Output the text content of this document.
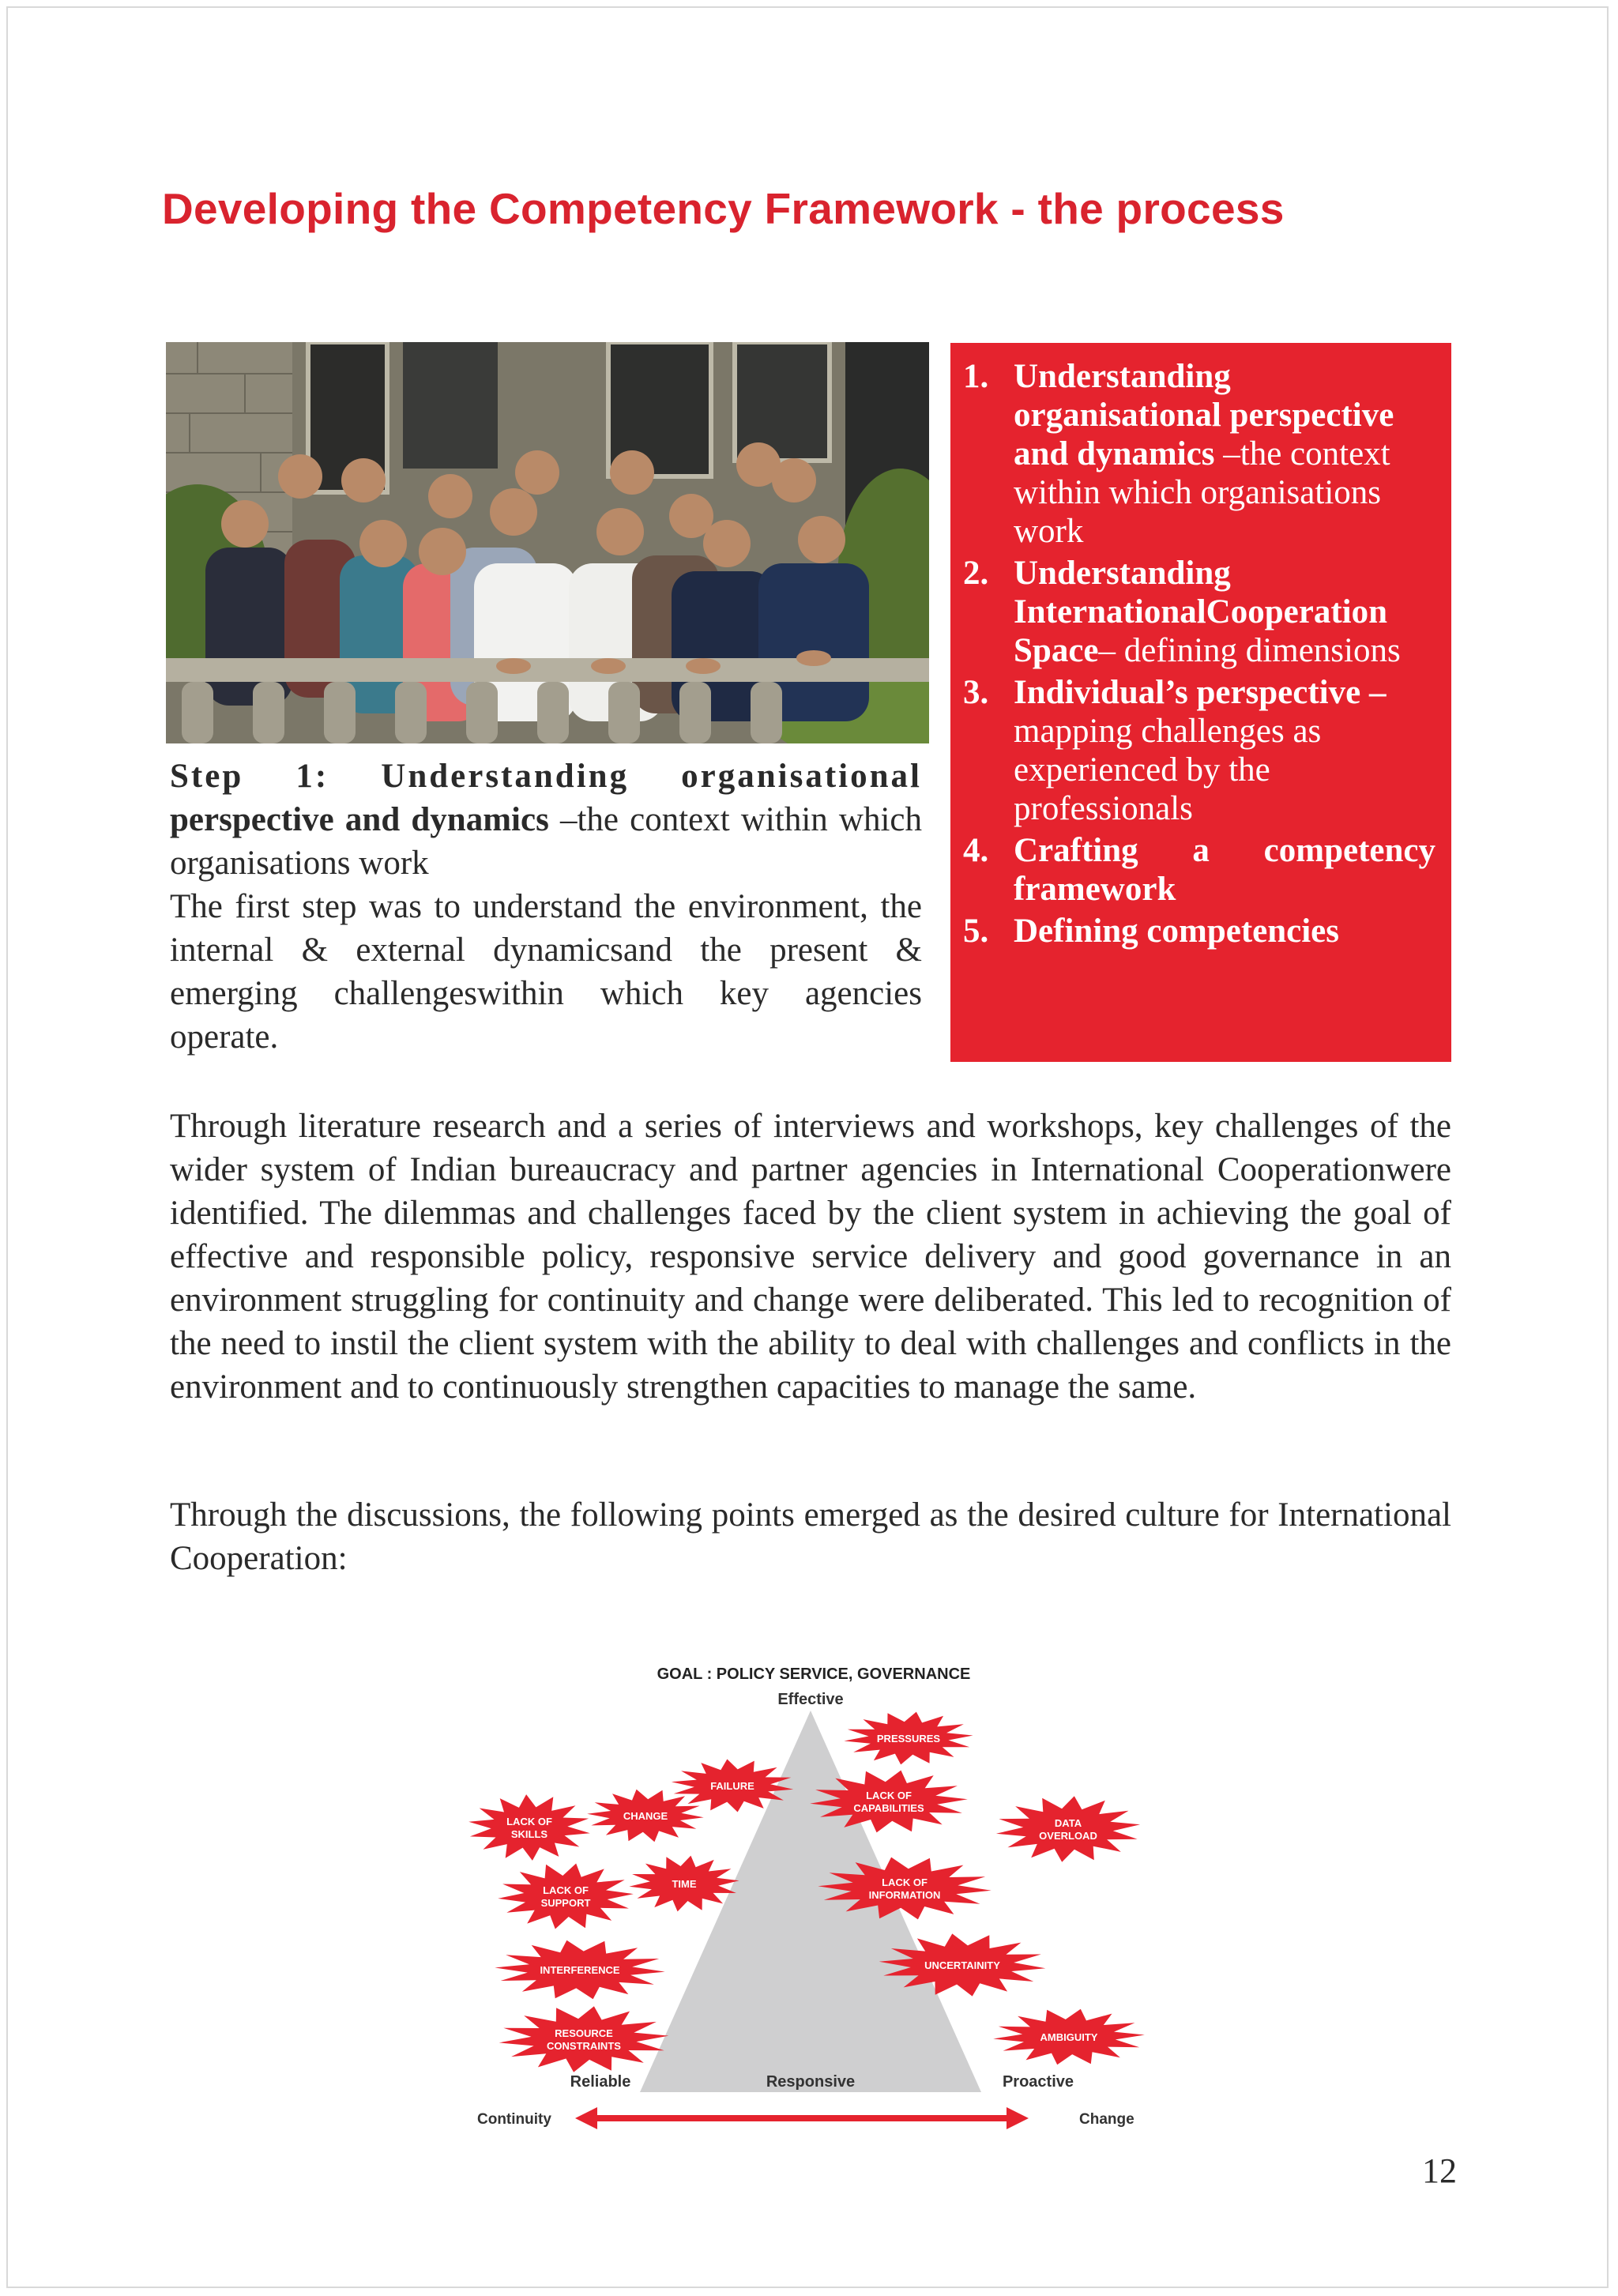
Developing the Competency Framework - the process
1. Understanding organisational perspective and dynamics –the context within which organisations work
2. Understanding InternationalCooperation Space– defining dimensions
3. Individual’s perspective – mapping challenges as experienced by the professionals
4. Crafting a competency framework
5. Defining competencies
Step 1: Understanding organisational
perspective and dynamics –the context within which organisations work
The first step was to understand the environment, the internal & external dynamicsand the present & emerging challengeswithin which key agencies operate.

Through literature research and a series of interviews and workshops, key challenges of the wider system of Indian bureaucracy and partner agencies in International Cooperationwere identified. The dilemmas and challenges faced by the client system in achieving the goal of effective and responsible policy, responsive service delivery and good governance in an environment struggling for continuity and change were deliberated. This led to recognition of the need to instil the client system with the ability to deal with challenges and conflicts in the environment and to continuously strengthen capacities to manage the same.

Through the discussions, the following points emerged as the desired culture for International Cooperation:

GOAL : POLICY SERVICE, GOVERNANCE
Effective
PRESSURES
FAILURE
LACK OF
CAPABILITIES
CHANGE
LACK OF
SKILLS
DATA
OVERLOAD
TIME	LACK OF
INFORMATION
LACK OF
SUPPORT
UNCERTAINITY
INTERFERENCE
AMBIGUITY
RESOURCE
CONSTRAINTS
Reliable	Responsive	Proactive
Continuity	Change
12
